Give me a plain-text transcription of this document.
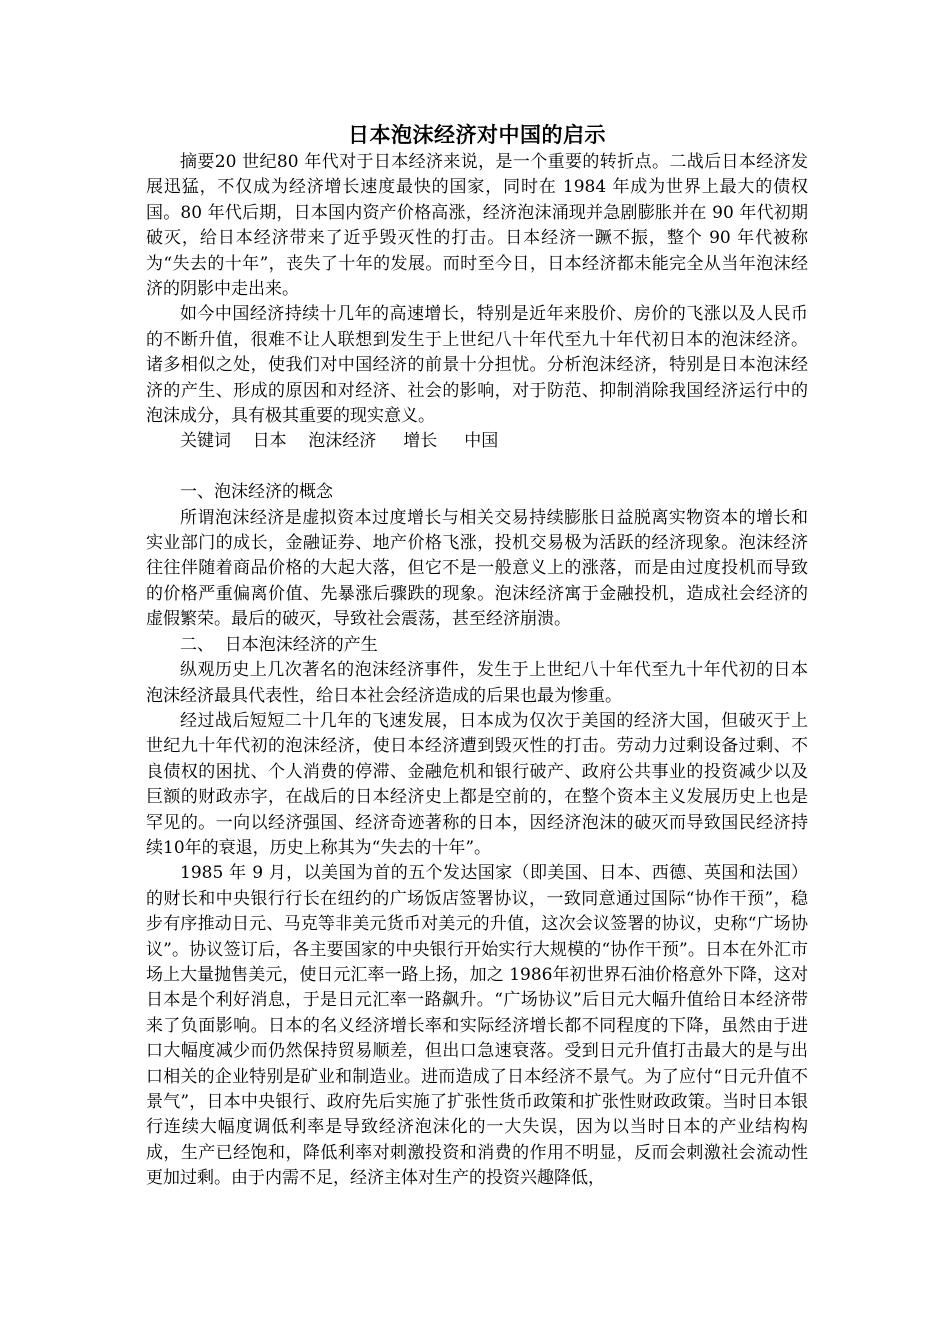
日本泡沫经济对中国的启示

摘要20 世纪80 年代对于日本经济来说，是一个重要的转折点。二战后日本经济发展迅猛，不仅成为经济增长速度最快的国家，同时在 1984 年成为世界上最大的债权国。80 年代后期，日本国内资产价格高涨，经济泡沫涌现并急剧膨胀并在 90 年代初期破灭，给日本经济带来了近乎毁灭性的打击。日本经济一蹶不振，整个 90 年代被称为“失去的十年”，丧失了十年的发展。而时至今日，日本经济都未能完全从当年泡沫经济的阴影中走出来。

如今中国经济持续十几年的高速增长，特别是近年来股价、房价的飞涨以及人民币的不断升值，很难不让人联想到发生于上世纪八十年代至九十年代初日本的泡沫经济。诸多相似之处，使我们对中国经济的前景十分担忧。分析泡沫经济，特别是日本泡沫经济的产生、形成的原因和对经济、社会的影响，对于防范、抑制消除我国经济运行中的泡沫成分，具有极其重要的现实意义。

关键词    日本    泡沫经济     增长     中国

一、泡沫经济的概念

所谓泡沫经济是虚拟资本过度增长与相关交易持续膨胀日益脱离实物资本的增长和实业部门的成长，金融证券、地产价格飞涨，投机交易极为活跃的经济现象。泡沫经济往往伴随着商品价格的大起大落，但它不是一般意义上的涨落，而是由过度投机而导致的价格严重偏离价值、先暴涨后骤跌的现象。泡沫经济寓于金融投机，造成社会经济的虚假繁荣。最后的破灭，导致社会震荡，甚至经济崩溃。

二、  日本泡沫经济的产生

纵观历史上几次著名的泡沫经济事件，发生于上世纪八十年代至九十年代初的日本泡沫经济最具代表性，给日本社会经济造成的后果也最为惨重。

经过战后短短二十几年的飞速发展，日本成为仅次于美国的经济大国，但破灭于上世纪九十年代初的泡沫经济，使日本经济遭到毁灭性的打击。劳动力过剩设备过剩、不良债权的困扰、个人消费的停滞、金融危机和银行破产、政府公共事业的投资减少以及巨额的财政赤字，在战后的日本经济史上都是空前的，在整个资本主义发展历史上也是罕见的。一向以经济强国、经济奇迹著称的日本，因经济泡沫的破灭而导致国民经济持续10年的衰退，历史上称其为“失去的十年”。

1985 年 9 月，以美国为首的五个发达国家（即美国、日本、西德、英国和法国）的财长和中央银行行长在纽约的广场饭店签署协议，一致同意通过国际“协作干预”，稳步有序推动日元、马克等非美元货币对美元的升值，这次会议签署的协议，史称“广场协议”。协议签订后，各主要国家的中央银行开始实行大规模的“协作干预”。日本在外汇市场上大量抛售美元，使日元汇率一路上扬，加之 1986年初世界石油价格意外下降，这对日本是个利好消息，于是日元汇率一路飙升。“广场协议”后日元大幅升值给日本经济带来了负面影响。日本的名义经济增长率和实际经济增长都不同程度的下降，虽然由于进口大幅度减少而仍然保持贸易顺差，但出口急速衰落。受到日元升值打击最大的是与出口相关的企业特别是矿业和制造业。进而造成了日本经济不景气。为了应付“日元升值不景气”，日本中央银行、政府先后实施了扩张性货币政策和扩张性财政政策。当时日本银行连续大幅度调低利率是导致经济泡沫化的一大失误，因为以当时日本的产业结构构成，生产已经饱和，降低利率对刺激投资和消费的作用不明显，反而会刺激社会流动性更加过剩。由于内需不足，经济主体对生产的投资兴趣降低，
